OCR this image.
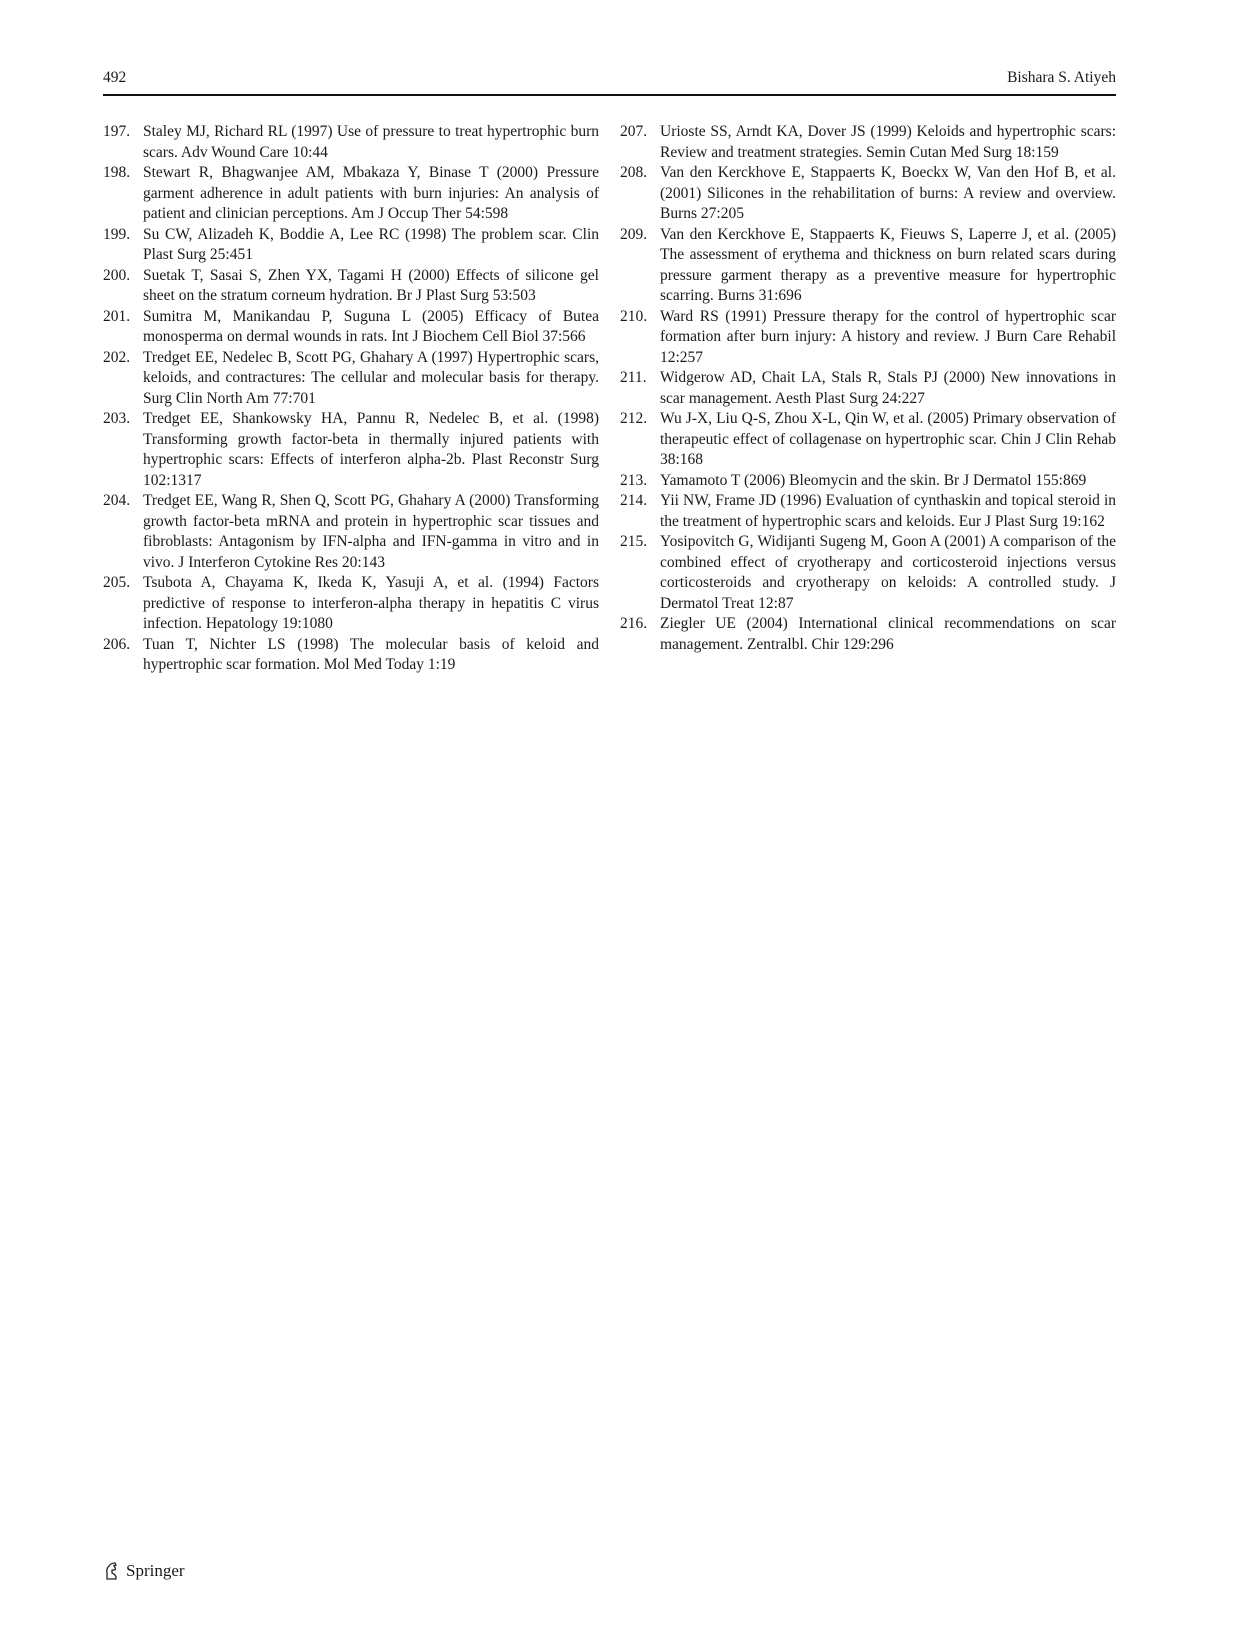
492	Bishara S. Atiyeh
197. Staley MJ, Richard RL (1997) Use of pressure to treat hypertrophic burn scars. Adv Wound Care 10:44
198. Stewart R, Bhagwanjee AM, Mbakaza Y, Binase T (2000) Pressure garment adherence in adult patients with burn injuries: An analysis of patient and clinician perceptions. Am J Occup Ther 54:598
199. Su CW, Alizadeh K, Boddie A, Lee RC (1998) The problem scar. Clin Plast Surg 25:451
200. Suetak T, Sasai S, Zhen YX, Tagami H (2000) Effects of silicone gel sheet on the stratum corneum hydration. Br J Plast Surg 53:503
201. Sumitra M, Manikandau P, Suguna L (2005) Efficacy of Butea monosperma on dermal wounds in rats. Int J Biochem Cell Biol 37:566
202. Tredget EE, Nedelec B, Scott PG, Ghahary A (1997) Hypertrophic scars, keloids, and contractures: The cellular and molecular basis for therapy. Surg Clin North Am 77:701
203. Tredget EE, Shankowsky HA, Pannu R, Nedelec B, et al. (1998) Transforming growth factor-beta in thermally injured patients with hypertrophic scars: Effects of interferon alpha-2b. Plast Reconstr Surg 102:1317
204. Tredget EE, Wang R, Shen Q, Scott PG, Ghahary A (2000) Transforming growth factor-beta mRNA and protein in hypertrophic scar tissues and fibroblasts: Antagonism by IFN-alpha and IFN-gamma in vitro and in vivo. J Interferon Cytokine Res 20:143
205. Tsubota A, Chayama K, Ikeda K, Yasuji A, et al. (1994) Factors predictive of response to interferon-alpha therapy in hepatitis C virus infection. Hepatology 19:1080
206. Tuan T, Nichter LS (1998) The molecular basis of keloid and hypertrophic scar formation. Mol Med Today 1:19
207. Urioste SS, Arndt KA, Dover JS (1999) Keloids and hypertrophic scars: Review and treatment strategies. Semin Cutan Med Surg 18:159
208. Van den Kerckhove E, Stappaerts K, Boeckx W, Van den Hof B, et al. (2001) Silicones in the rehabilitation of burns: A review and overview. Burns 27:205
209. Van den Kerckhove E, Stappaerts K, Fieuws S, Laperre J, et al. (2005) The assessment of erythema and thickness on burn related scars during pressure garment therapy as a preventive measure for hypertrophic scarring. Burns 31:696
210. Ward RS (1991) Pressure therapy for the control of hypertrophic scar formation after burn injury: A history and review. J Burn Care Rehabil 12:257
211. Widgerow AD, Chait LA, Stals R, Stals PJ (2000) New innovations in scar management. Aesth Plast Surg 24:227
212. Wu J-X, Liu Q-S, Zhou X-L, Qin W, et al. (2005) Primary observation of therapeutic effect of collagenase on hypertrophic scar. Chin J Clin Rehab 38:168
213. Yamamoto T (2006) Bleomycin and the skin. Br J Dermatol 155:869
214. Yii NW, Frame JD (1996) Evaluation of cynthaskin and topical steroid in the treatment of hypertrophic scars and keloids. Eur J Plast Surg 19:162
215. Yosipovitch G, Widijanti Sugeng M, Goon A (2001) A comparison of the combined effect of cryotherapy and corticosteroid injections versus corticosteroids and cryotherapy on keloids: A controlled study. J Dermatol Treat 12:87
216. Ziegler UE (2004) International clinical recommendations on scar management. Zentralbl. Chir 129:296
Springer
